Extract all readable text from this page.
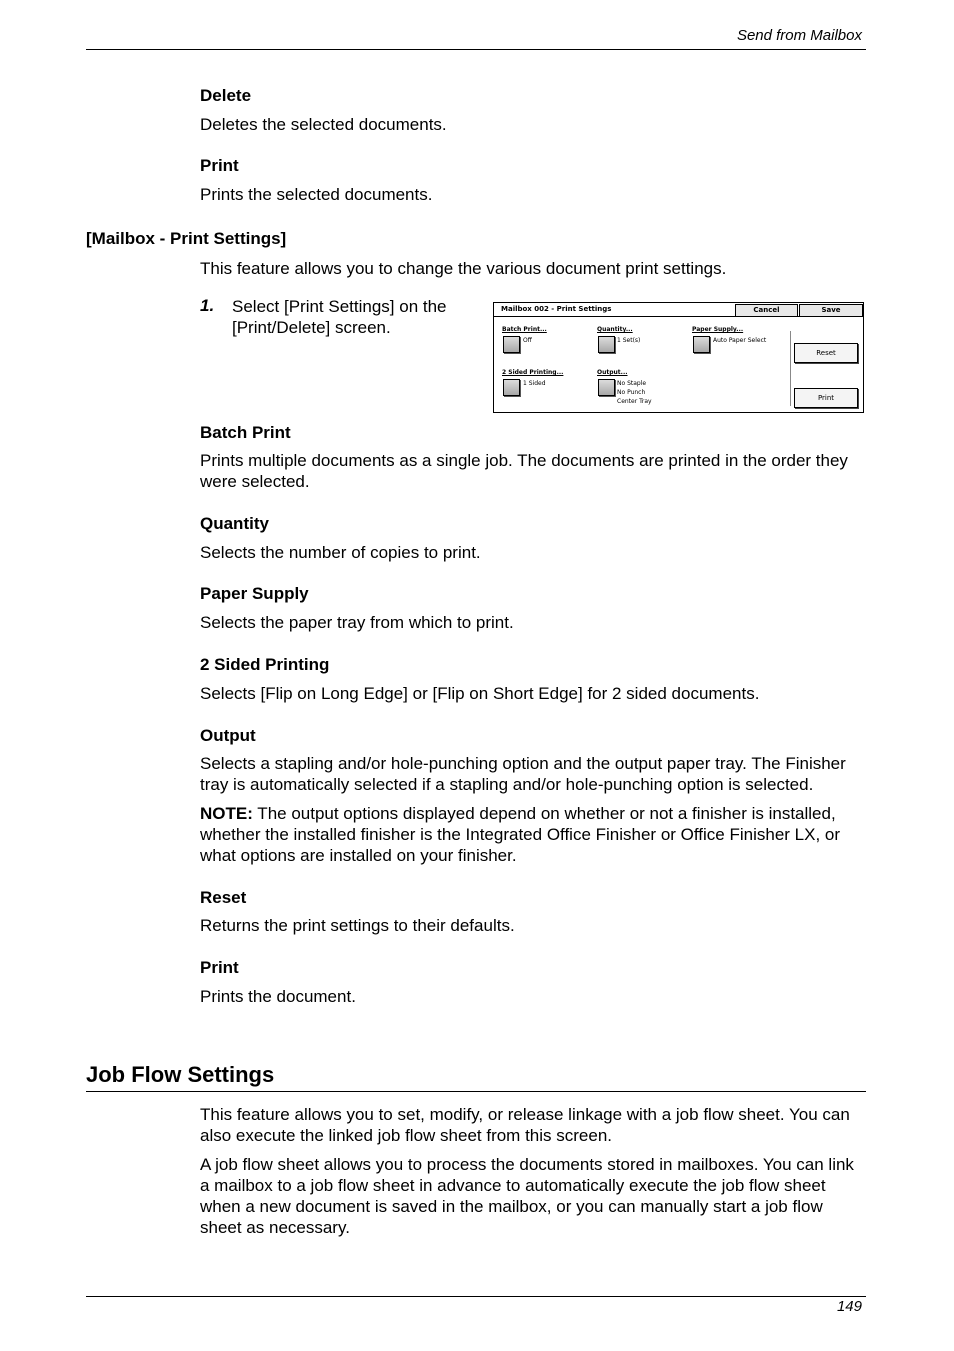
Send from Mailbox
Delete
Deletes the selected documents.
Print
Prints the selected documents.
[Mailbox - Print Settings]
This feature allows you to change the various document print settings.
1. Select [Print Settings] on the
[Print/Delete] screen.
Mailbox 002 - Print Settings	Cancel	Save
Batch Print...
Off
Quantity...
1 Set(s)
Paper Supply...
Auto Paper Select
2 Sided Printing...
1 Sided
Output...
No Staple
No Punch
Center Tray
Reset
Print
Batch Print
Prints multiple documents as a single job. The documents are printed in the order they
were selected.
Quantity
Selects the number of copies to print.
Paper Supply
Selects the paper tray from which to print.
2 Sided Printing
Selects [Flip on Long Edge] or [Flip on Short Edge] for 2 sided documents.
Output
Selects a stapling and/or hole-punching option and the output paper tray. The Finisher
tray is automatically selected if a stapling and/or hole-punching option is selected.
NOTE: The output options displayed depend on whether or not a finisher is installed,
whether the installed finisher is the Integrated Office Finisher or Office Finisher LX, or
what options are installed on your finisher.
Reset
Returns the print settings to their defaults.
Print
Prints the document.
Job Flow Settings
This feature allows you to set, modify, or release linkage with a job flow sheet. You can
also execute the linked job flow sheet from this screen.
A job flow sheet allows you to process the documents stored in mailboxes. You can link
a mailbox to a job flow sheet in advance to automatically execute the job flow sheet
when a new document is saved in the mailbox, or you can manually start a job flow
sheet as necessary.
149
